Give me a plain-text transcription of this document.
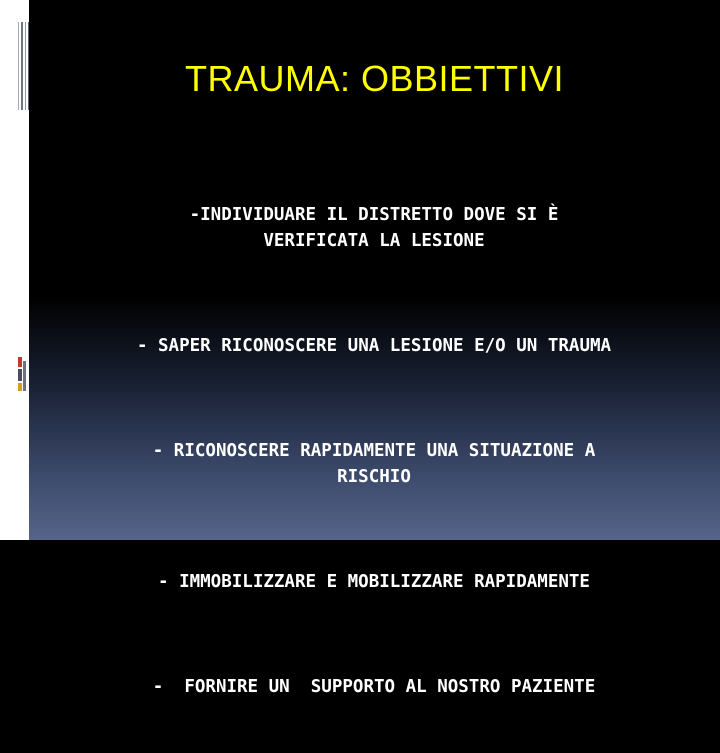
TRAUMA: OBBIETTIVI

-INDIVIDUARE IL DISTRETTO DOVE SI È
VERIFICATA LA LESIONE

- SAPER RICONOSCERE UNA LESIONE E/O UN TRAUMA

- RICONOSCERE RAPIDAMENTE UNA SITUAZIONE A
RISCHIO

- IMMOBILIZZARE E MOBILIZZARE RAPIDAMENTE

-  FORNIRE UN  SUPPORTO AL NOSTRO PAZIENTE
